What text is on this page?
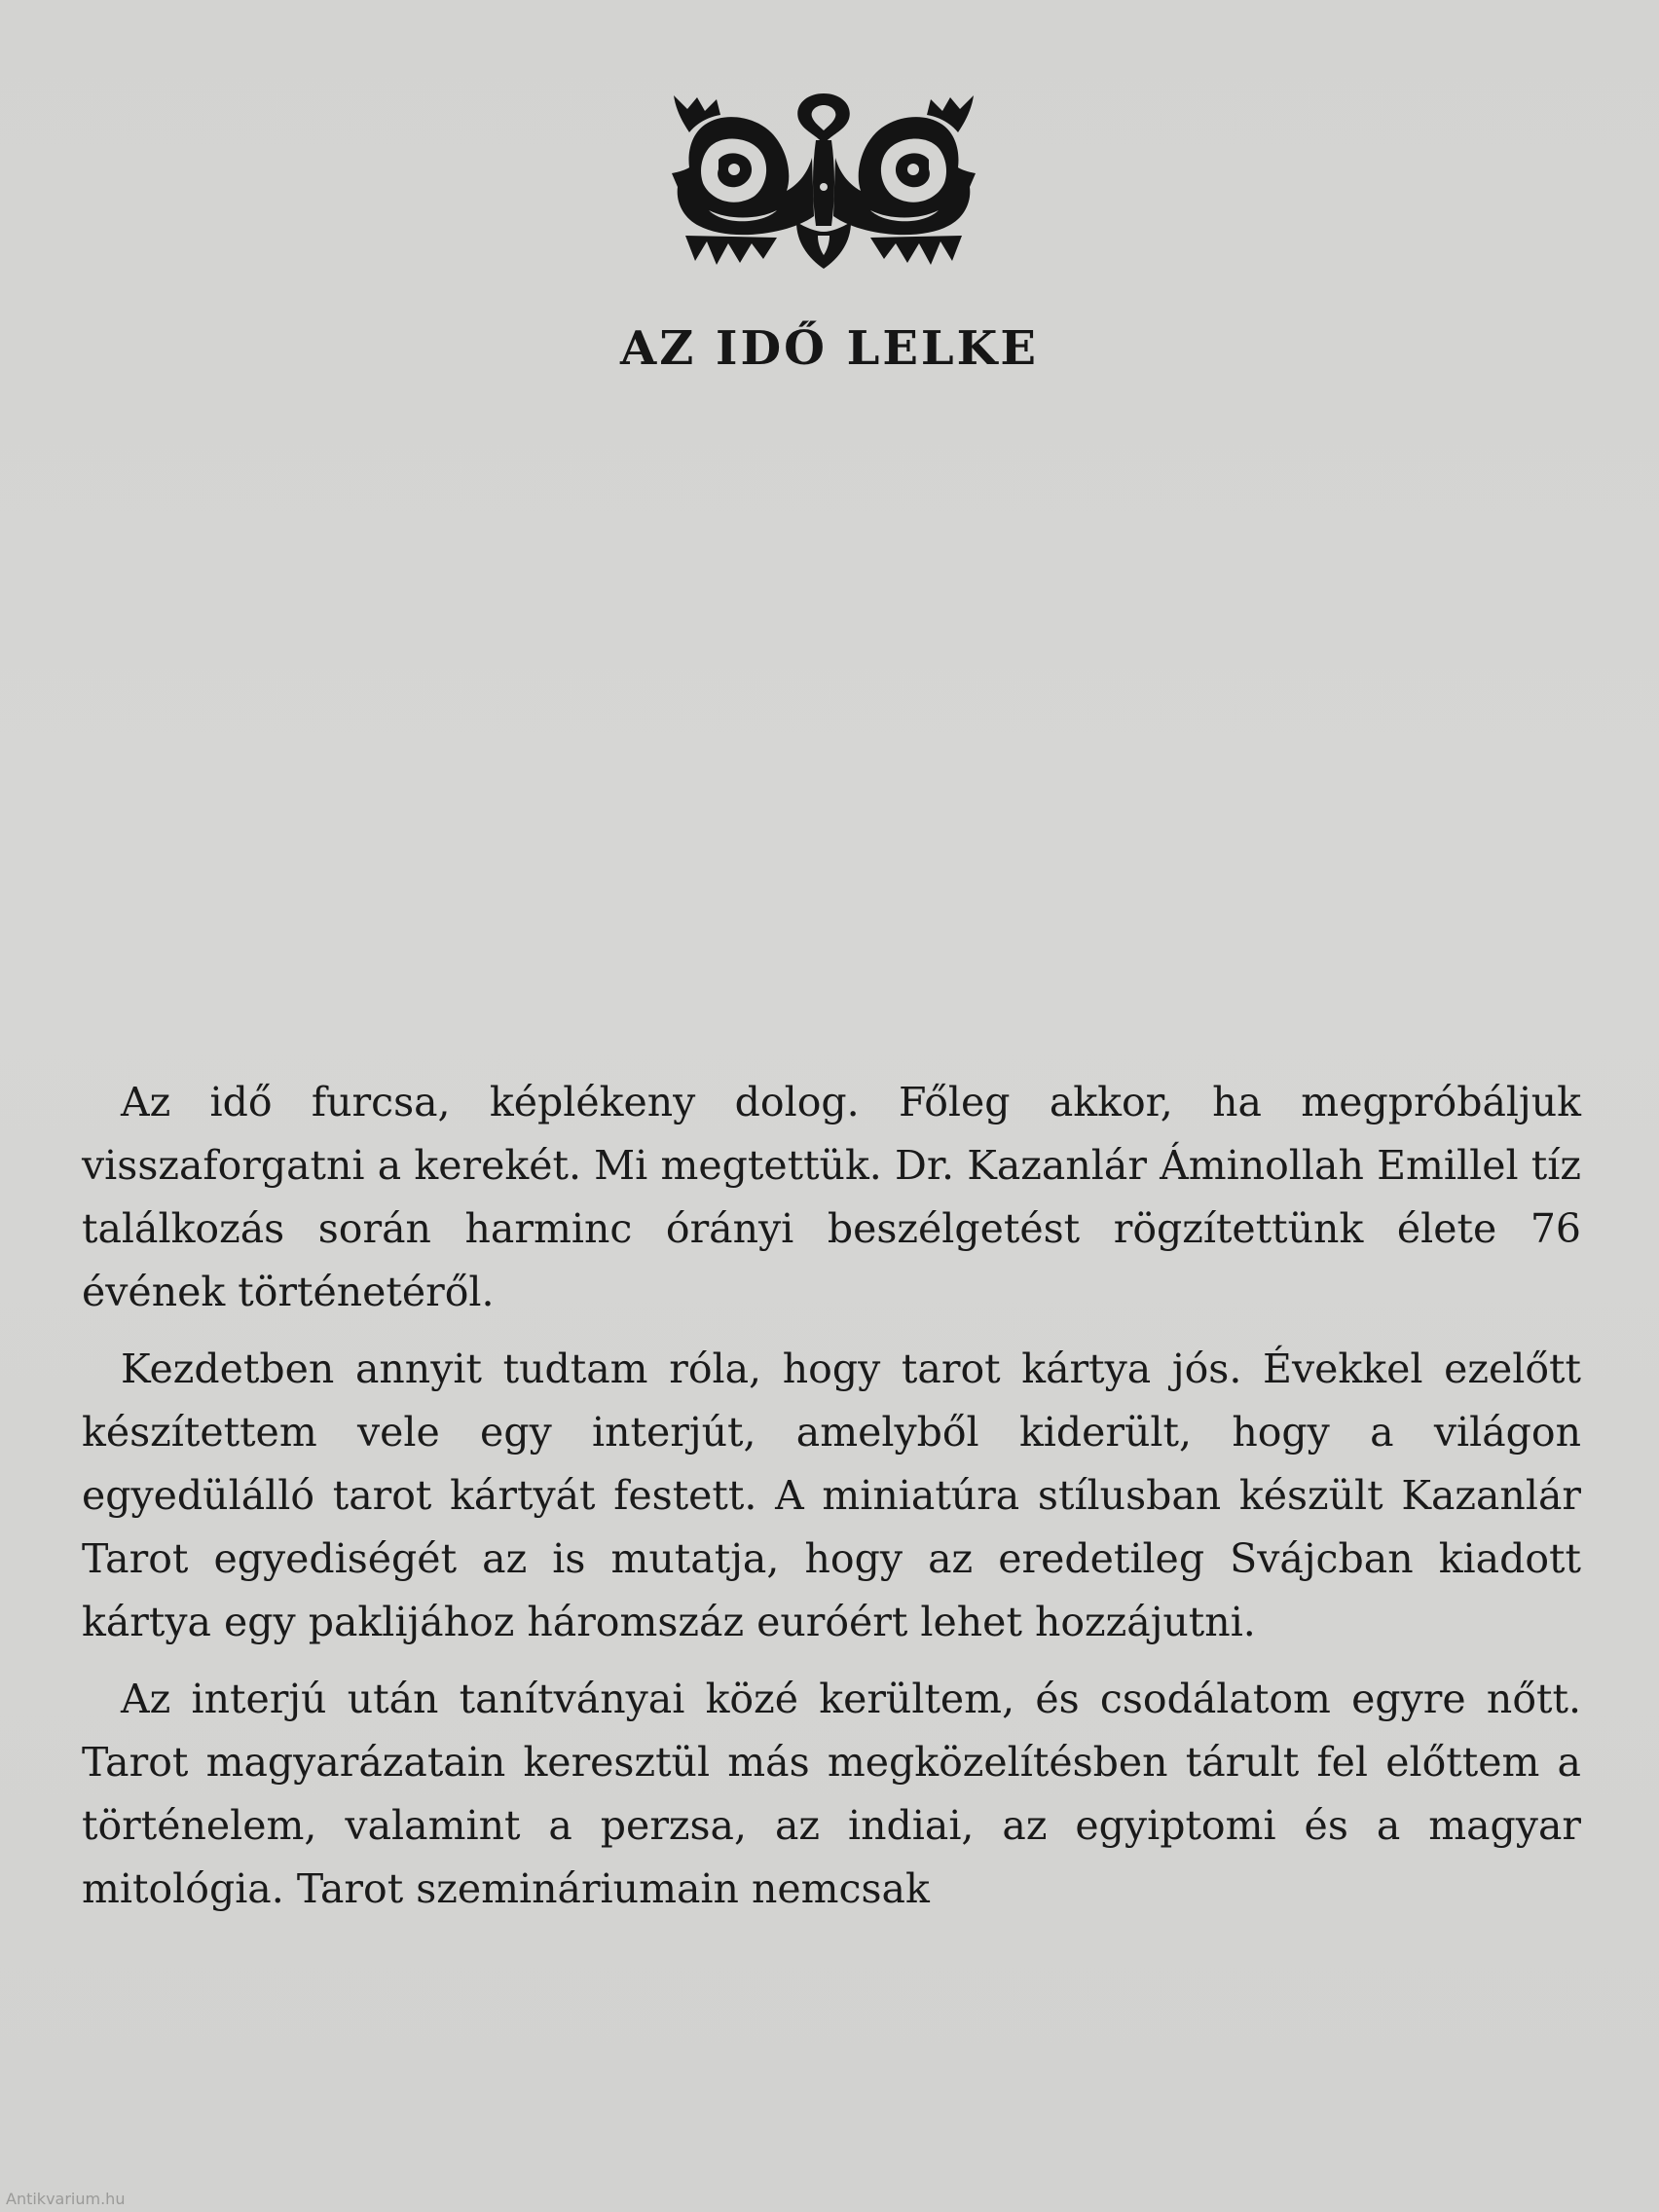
AZ IDŐ LELKE

Az idő furcsa, képlékeny dolog. Főleg akkor, ha megpróbáljuk visszaforgatni a kerekét. Mi megtettük. Dr. Kazanlár Áminollah Emillel tíz találkozás során harminc órányi beszélgetést rögzítettünk élete 76 évének történetéről.

Kezdetben annyit tudtam róla, hogy tarot kártya jós. Évekkel ezelőtt készítettem vele egy interjút, amelyből kiderült, hogy a világon egyedülálló tarot kártyát festett. A miniatúra stílusban készült Kazanlár Tarot egyediségét az is mutatja, hogy az eredetileg Svájcban kiadott kártya egy paklijához háromszáz euróért lehet hozzájutni.

Az interjú után tanítványai közé kerültem, és csodálatom egyre nőtt. Tarot magyarázatain keresztül más megközelítésben tárult fel előttem a történelem, valamint a perzsa, az indiai, az egyiptomi és a magyar mitológia. Tarot szemináriumain nemcsak

Antikvarium.hu
